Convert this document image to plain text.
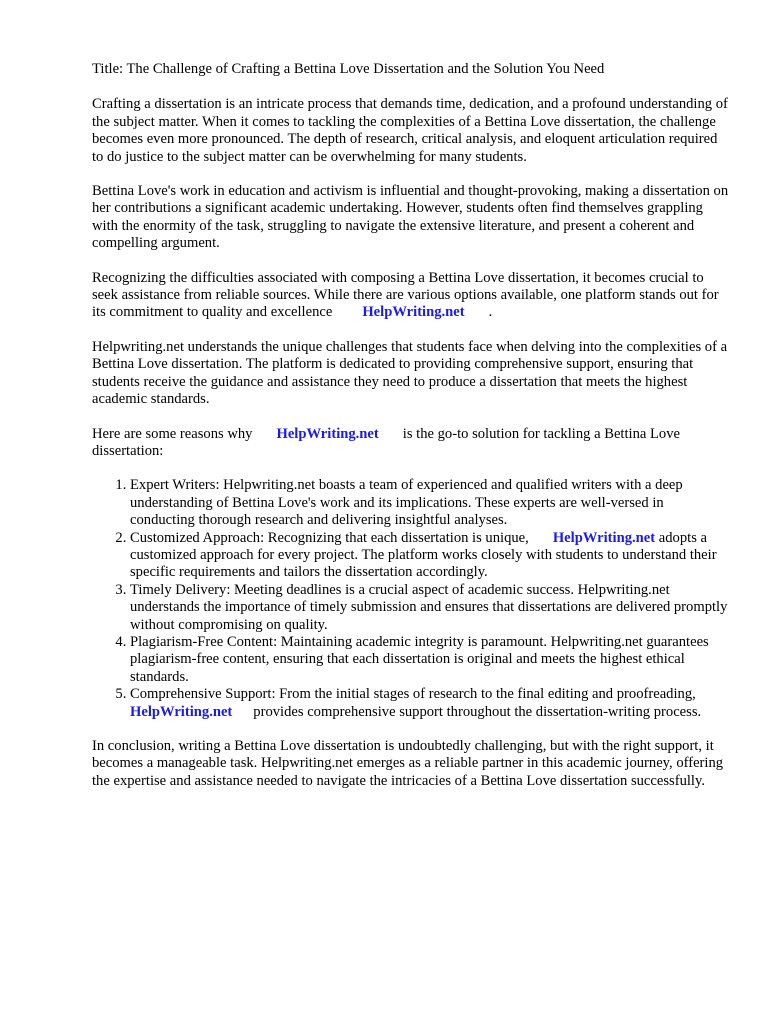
Title: The Challenge of Crafting a Bettina Love Dissertation and the Solution You Need

Crafting a dissertation is an intricate process that demands time, dedication, and a profound understanding of the subject matter. When it comes to tackling the complexities of a Bettina Love dissertation, the challenge becomes even more pronounced. The depth of research, critical analysis, and eloquent articulation required to do justice to the subject matter can be overwhelming for many students.

Bettina Love's work in education and activism is influential and thought-provoking, making a dissertation on her contributions a significant academic undertaking. However, students often find themselves grappling with the enormity of the task, struggling to navigate the extensive literature, and present a coherent and compelling argument.

Recognizing the difficulties associated with composing a Bettina Love dissertation, it becomes crucial to seek assistance from reliable sources. While there are various options available, one platform stands out for its commitment to quality and excellence HelpWriting.net .

Helpwriting.net understands the unique challenges that students face when delving into the complexities of a Bettina Love dissertation. The platform is dedicated to providing comprehensive support, ensuring that students receive the guidance and assistance they need to produce a dissertation that meets the highest academic standards.

Here are some reasons why HelpWriting.net is the go-to solution for tackling a Bettina Love dissertation:

1. Expert Writers: Helpwriting.net boasts a team of experienced and qualified writers with a deep understanding of Bettina Love's work and its implications. These experts are well-versed in conducting thorough research and delivering insightful analyses.
2. Customized Approach: Recognizing that each dissertation is unique, HelpWriting.net adopts a customized approach for every project. The platform works closely with students to understand their specific requirements and tailors the dissertation accordingly.
3. Timely Delivery: Meeting deadlines is a crucial aspect of academic success. Helpwriting.net understands the importance of timely submission and ensures that dissertations are delivered promptly without compromising on quality.
4. Plagiarism-Free Content: Maintaining academic integrity is paramount. Helpwriting.net guarantees plagiarism-free content, ensuring that each dissertation is original and meets the highest ethical standards.
5. Comprehensive Support: From the initial stages of research to the final editing and proofreading,HelpWriting.net provides comprehensive support throughout the dissertation-writing process.

In conclusion, writing a Bettina Love dissertation is undoubtedly challenging, but with the right support, it becomes a manageable task. Helpwriting.net emerges as a reliable partner in this academic journey, offering the expertise and assistance needed to navigate the intricacies of a Bettina Love dissertation successfully.
